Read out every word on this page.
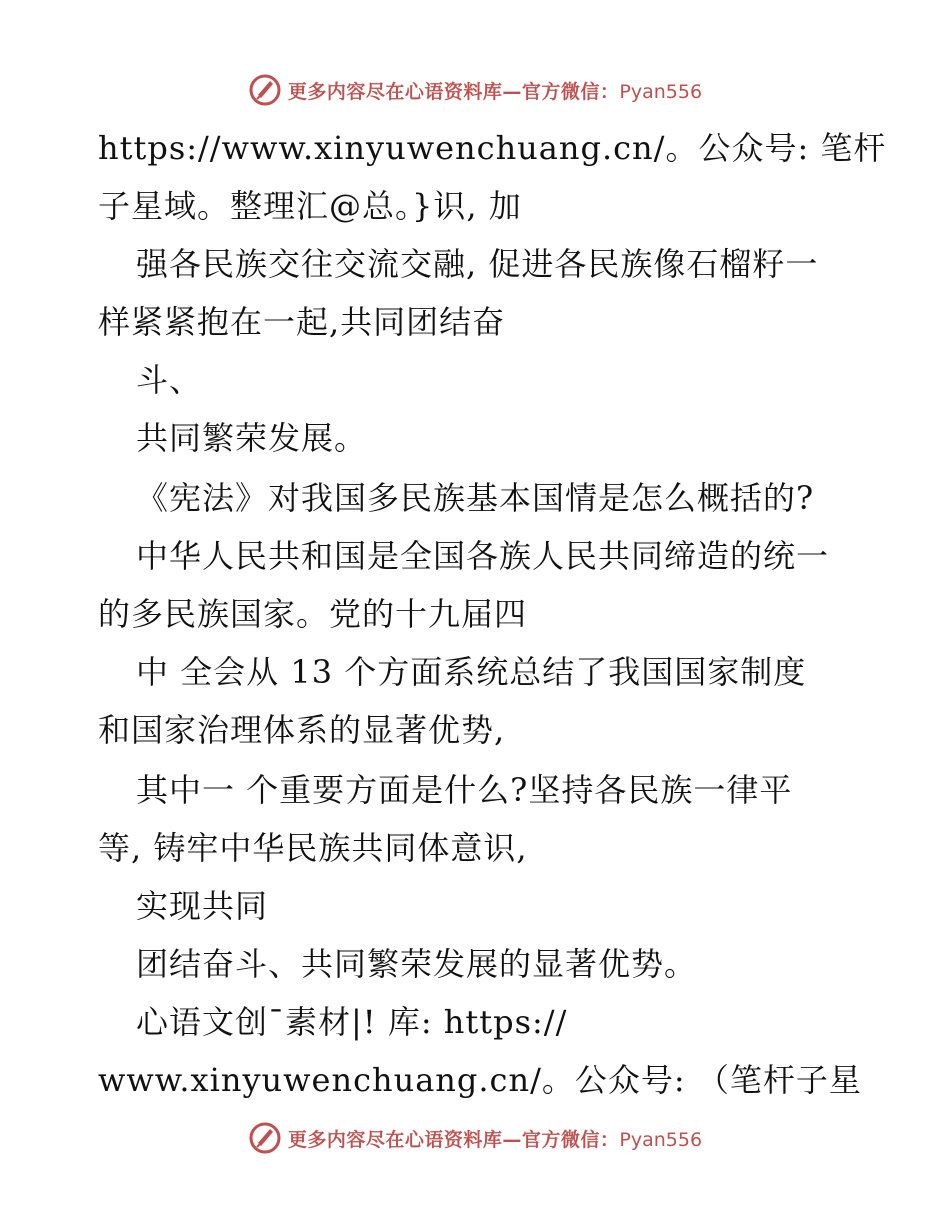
更多内容尽在心语资料库—官方微信：Pyan556
https://www.xinyuwenchuang.cn/。公众号: 笔杆
子星域。整理汇@总。}识, 加
强各民族交往交流交融, 促进各民族像石榴籽一
样紧紧抱在一起,共同团结奋
斗、
共同繁荣发展。
《宪法》对我国多民族基本国情是怎么概括的?
中华人民共和国是全国各族人民共同缔造的统一
的多民族国家。党的十九届四
中 全会从 13 个方面系统总结了我国国家制度
和国家治理体系的显著优势,
其中一 个重要方面是什么?坚持各民族一律平
等, 铸牢中华民族共同体意识,
实现共同
团结奋斗、共同繁荣发展的显著优势。
心语文创¯素材|! 库: https://
www.xinyuwenchuang.cn/。公众号: （笔杆子星
更多内容尽在心语资料库—官方微信：Pyan556
